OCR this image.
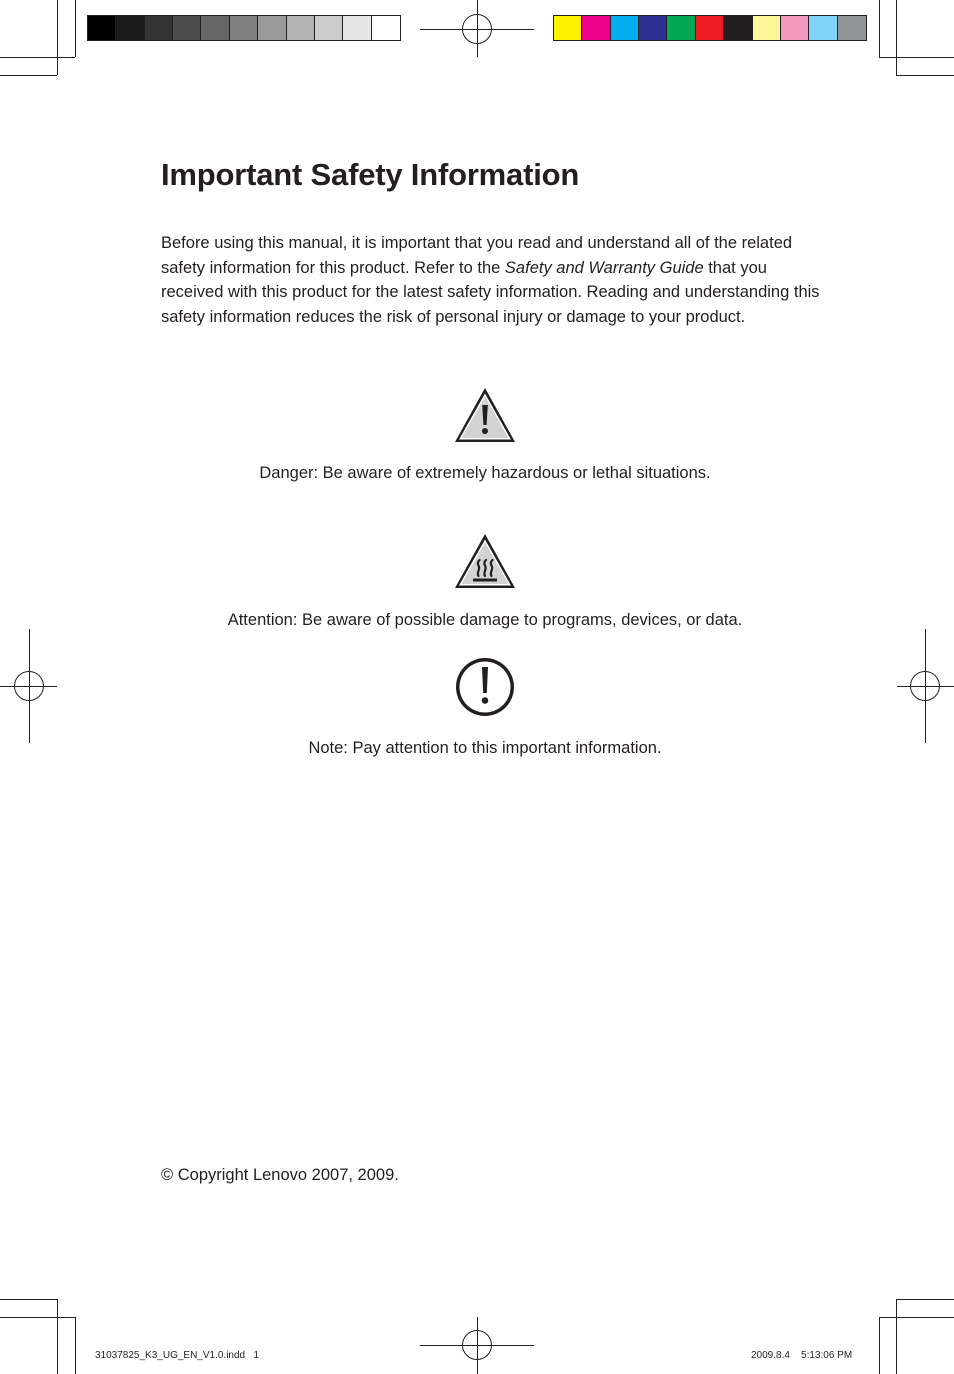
Important Safety Information

Before using this manual, it is important that you read and understand all of the related safety information for this product. Refer to the Safety and Warranty Guide that you received with this product for the latest safety information. Reading and understanding this safety information reduces the risk of personal injury or damage to your product.

Danger: Be aware of extremely hazardous or lethal situations.

Attention: Be aware of possible damage to programs, devices, or data.

Note: Pay attention to this important information.

© Copyright Lenovo 2007, 2009.

31037825_K3_UG_EN_V1.0.indd   1	2009.8.4    5:13:06 PM
